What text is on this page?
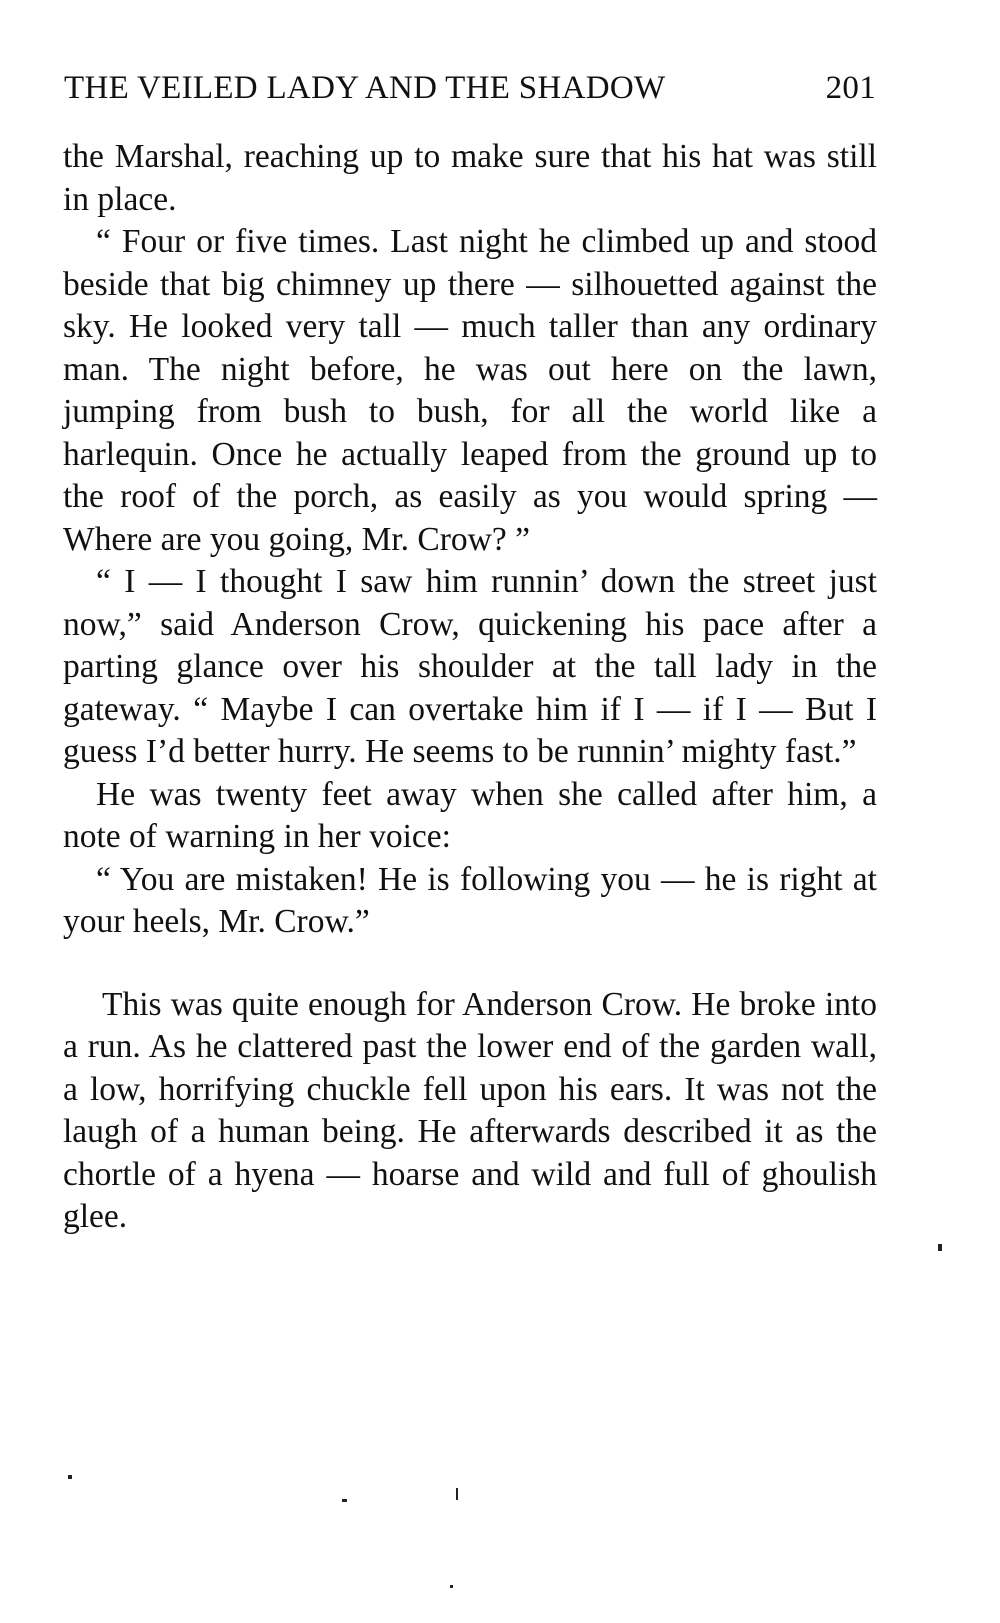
THE VEILED LADY AND THE SHADOW	201

the Marshal, reaching up to make sure that his hat was still in place.

“ Four or five times. Last night he climbed up and stood beside that big chimney up there — silhouetted against the sky. He looked very tall — much taller than any ordinary man. The night before, he was out here on the lawn, jumping from bush to bush, for all the world like a harlequin. Once he actually leaped from the ground up to the roof of the porch, as easily as you would spring — Where are you going, Mr. Crow? ”

“ I — I thought I saw him runnin’ down the street just now,” said Anderson Crow, quickening his pace after a parting glance over his shoulder at the tall lady in the gateway. “ Maybe I can overtake him if I — if I — But I guess I’d better hurry. He seems to be runnin’ mighty fast.”

He was twenty feet away when she called after him, a note of warning in her voice:

“ You are mistaken! He is following you — he is right at your heels, Mr. Crow.”

This was quite enough for Anderson Crow. He broke into a run. As he clattered past the lower end of the garden wall, a low, horrifying chuckle fell upon his ears. It was not the laugh of a human being. He afterwards described it as the chortle of a hyena — hoarse and wild and full of ghoulish glee.
